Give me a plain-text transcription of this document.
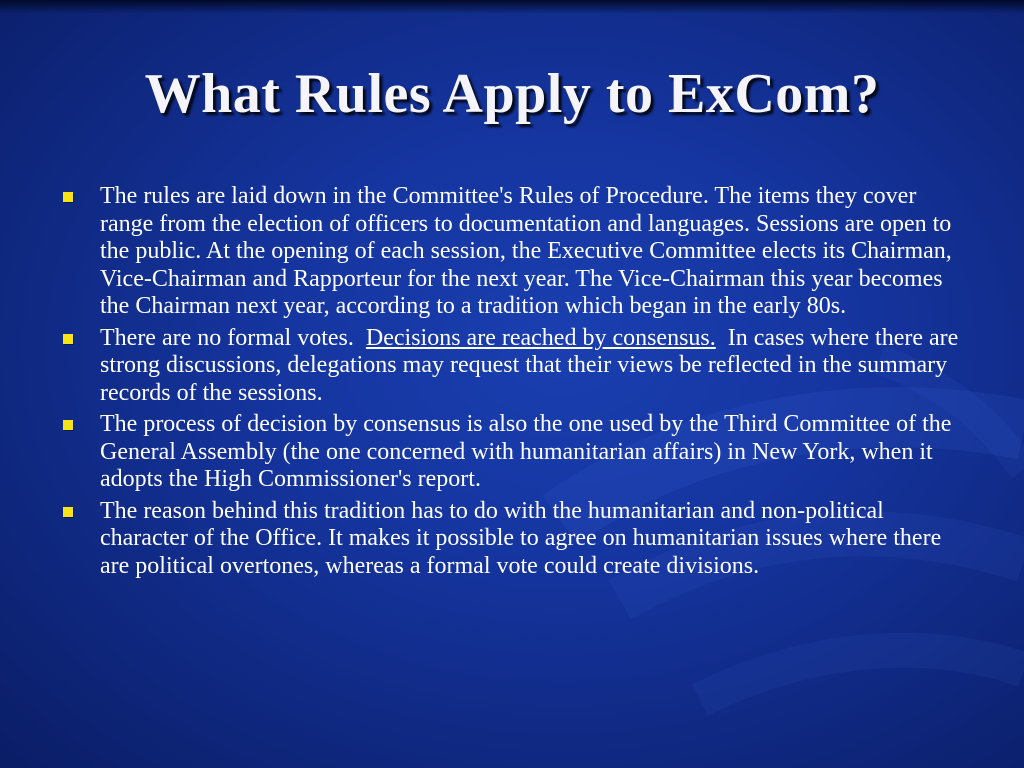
What Rules Apply to ExCom?
The rules are laid down in the Committee's Rules of Procedure. The items they cover range from the election of officers to documentation and languages. Sessions are open to the public. At the opening of each session, the Executive Committee elects its Chairman, Vice-Chairman and Rapporteur for the next year. The Vice-Chairman this year becomes the Chairman next year, according to a tradition which began in the early 80s.
There are no formal votes.  Decisions are reached by consensus.  In cases where there are strong discussions, delegations may request that their views be reflected in the summary records of the sessions.
The process of decision by consensus is also the one used by the Third Committee of the General Assembly (the one concerned with humanitarian affairs) in New York, when it adopts the High Commissioner's report.
The reason behind this tradition has to do with the humanitarian and non-political character of the Office. It makes it possible to agree on humanitarian issues where there are political overtones, whereas a formal vote could create divisions.
